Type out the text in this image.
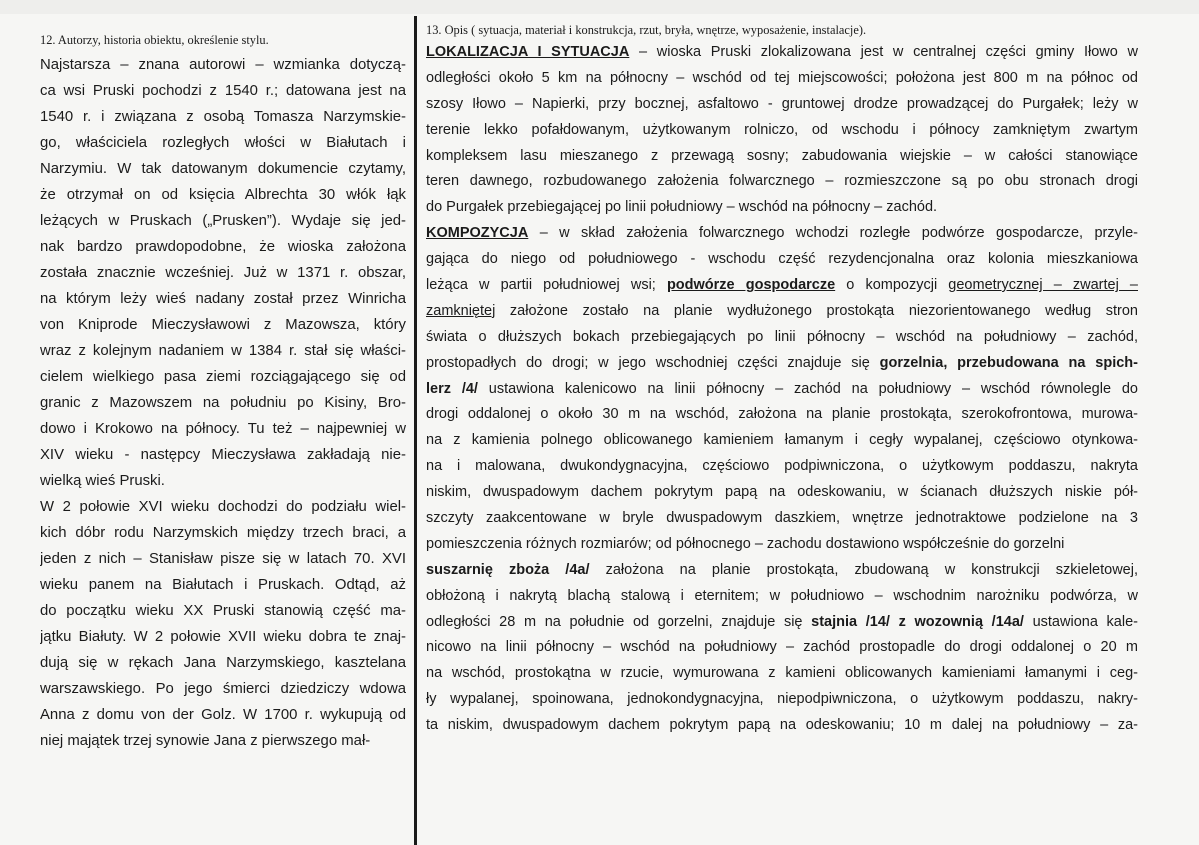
12. Autorzy, historia obiektu, określenie stylu.
Najstarsza – znana autorowi – wzmianka dotyczą-
ca wsi Pruski pochodzi z 1540 r.; datowana jest na
1540 r. i związana z osobą Tomasza Narzymskie-
go, właściciela rozległych włości w Białutach i
Narzymiu. W tak datowanym dokumencie czytamy,
że otrzymał on od księcia Albrechta 30 włók łąk
leżących w Pruskach („Prusken”). Wydaje się jed-
nak bardzo prawdopodobne, że wioska założona
została znacznie wcześniej. Już w 1371 r. obszar,
na którym leży wieś nadany został przez Winricha
von Kniprode Mieczysławowi z Mazowsza, który
wraz z kolejnym nadaniem w 1384 r. stał się właści-
cielem wielkiego pasa ziemi rozciągającego się od
granic z Mazowszem na południu po Kisiny, Bro-
dowo i Krokowo na północy. Tu też – najpewniej w
XIV wieku - następcy Mieczysława zakładają nie-
wielką wieś Pruski.
W 2 połowie XVI wieku dochodzi do podziału wiel-
kich dóbr rodu Narzymskich między trzech braci, a
jeden z nich – Stanisław pisze się w latach 70. XVI
wieku panem na Białutach i Pruskach. Odtąd, aż
do początku wieku XX Pruski stanowią część ma-
jątku Białuty. W 2 połowie XVII wieku dobra te znaj-
dują się w rękach Jana Narzymskiego, kasztelana
warszawskiego. Po jego śmierci dziedziczy wdowa
Anna z domu von der Golz. W 1700 r. wykupują od
niej majątek trzej synowie Jana z pierwszego mał-
13. Opis ( sytuacja, materiał i konstrukcja, rzut, bryła, wnętrze, wyposażenie, instalacje).
LOKALIZACJA I SYTUACJA – wioska Pruski zlokalizowana jest w centralnej części gminy Iłowo w
odległości około 5 km na północny – wschód od tej miejscowości; położona jest 800 m na północ od
szosy Iłowo – Napierki, przy bocznej, asfaltowo - gruntowej drodze prowadzącej do Purgałek; leży w
terenie lekko pofałdowanym, użytkowanym rolniczo, od wschodu i północy zamkniętym zwartym
kompleksem lasu mieszanego z przewagą sosny; zabudowania wiejskie – w całości stanowiące
teren dawnego, rozbudowanego założenia folwarcznego – rozmieszczone są po obu stronach drogi
do Purgałek przebiegającej po linii południowy – wschód na północny – zachód.
KOMPOZYCJA – w skład założenia folwarcznego wchodzi rozległe podwórze gospodarcze, przyle-
gająca do niego od południowego - wschodu część rezydencjonalna oraz kolonia mieszkaniowa
leżąca w partii południowej wsi; podwórze gospodarcze o kompozycji geometrycznej – zwartej –
zamkniętej założone zostało na planie wydłużonego prostokąta niezorientowanego według stron
świata o dłuższych bokach przebiegających po linii północny – wschód na południowy – zachód,
prostopadłych do drogi; w jego wschodniej części znajduje się gorzelnia, przebudowana na spich-
lerz /4/ ustawiona kalenicowo na linii północny – zachód na południowy – wschód równolegle do
drogi oddalonej o około 30 m na wschód, założona na planie prostokąta, szerokofrontowa, murowa-
na z kamienia polnego oblicowanego kamieniem łamanym i cegły wypalanej, częściowo otynkowa-
na i malowana, dwukondygnacyjna, częściowo podpiwniczona, o użytkowym poddaszu, nakryta
niskim, dwuspadowym dachem pokrytym papą na odeskowaniu, w ścianach dłuższych niskie pół-
szczyty zaakcentowane w bryle dwuspadowym daszkiem, wnętrze jednotraktowe podzielone na 3
pomieszczenia różnych rozmiarów; od północnego – zachodu dostawiono współcześnie do gorzelni
suszarnię zboża /4a/ założona na planie prostokąta, zbudowaną w konstrukcji szkieletowej,
obłożoną i nakrytą blachą stalową i eternitem; w południowo – wschodnim narożniku podwórza, w
odległości 28 m na południe od gorzelni, znajduje się stajnia /14/ z wozownią /14a/ ustawiona kale-
nicowo na linii północny – wschód na południowy – zachód prostopadle do drogi oddalonej o 20 m
na wschód, prostokątna w rzucie, wymurowana z kamieni oblicowanych kamieniami łamanymi i ceg-
ły wypalanej, spoinowana, jednokondygnacyjna, niepodpiwniczona, o użytkowym poddaszu, nakry-
ta niskim, dwuspadowym dachem pokrytym papą na odeskowaniu; 10 m dalej na południowy – za-
